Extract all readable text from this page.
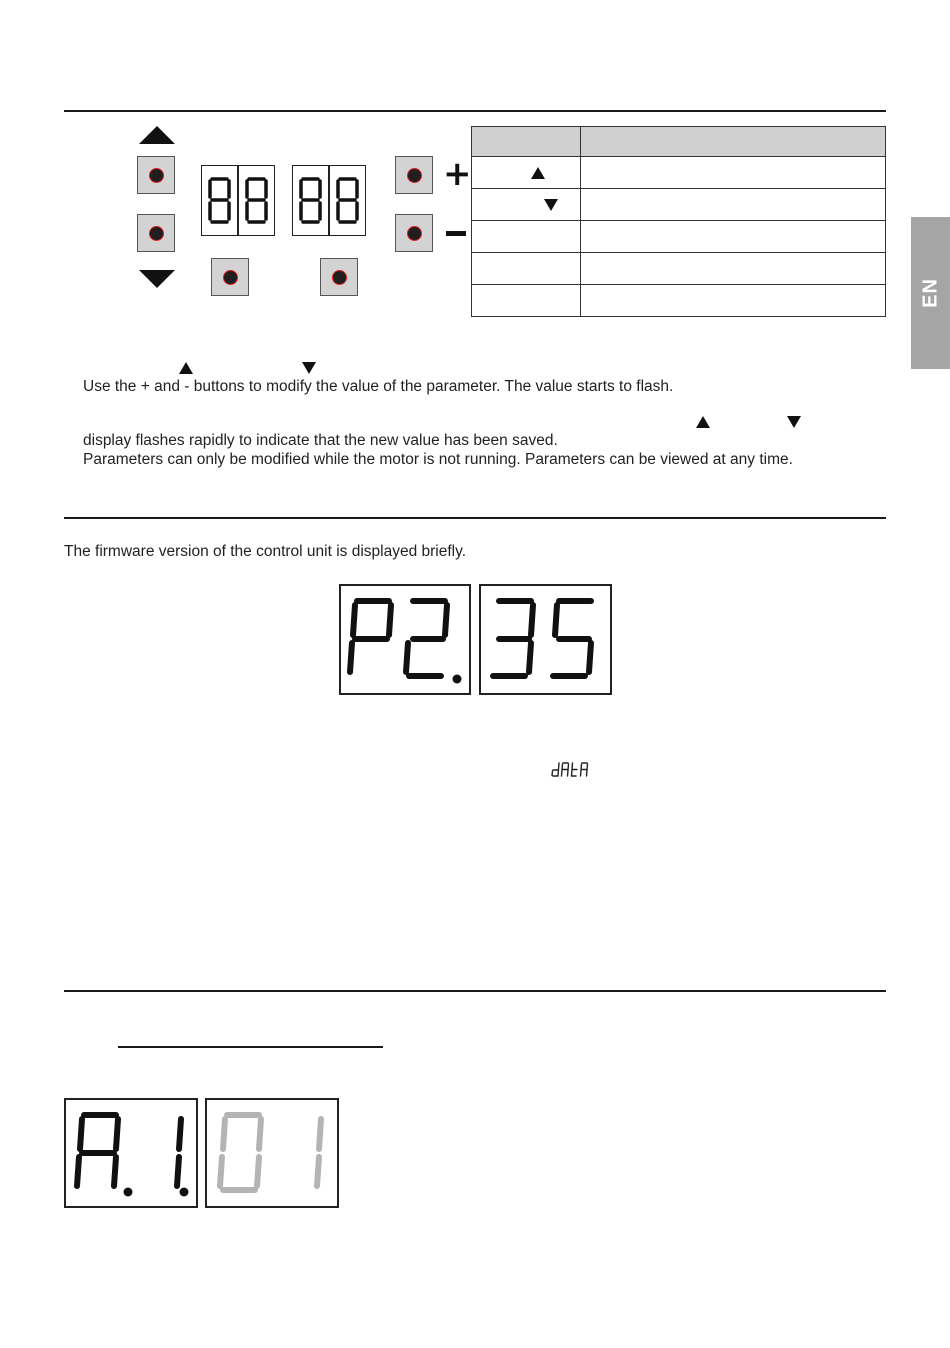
+

Use the + and - buttons to modify the value of the parameter. The value starts to flash.
display flashes rapidly to indicate that the new value has been saved.
Parameters can only be modified while the motor is not running. Parameters can be viewed at any time.
The firmware version of the control unit is displayed briefly.
EN
